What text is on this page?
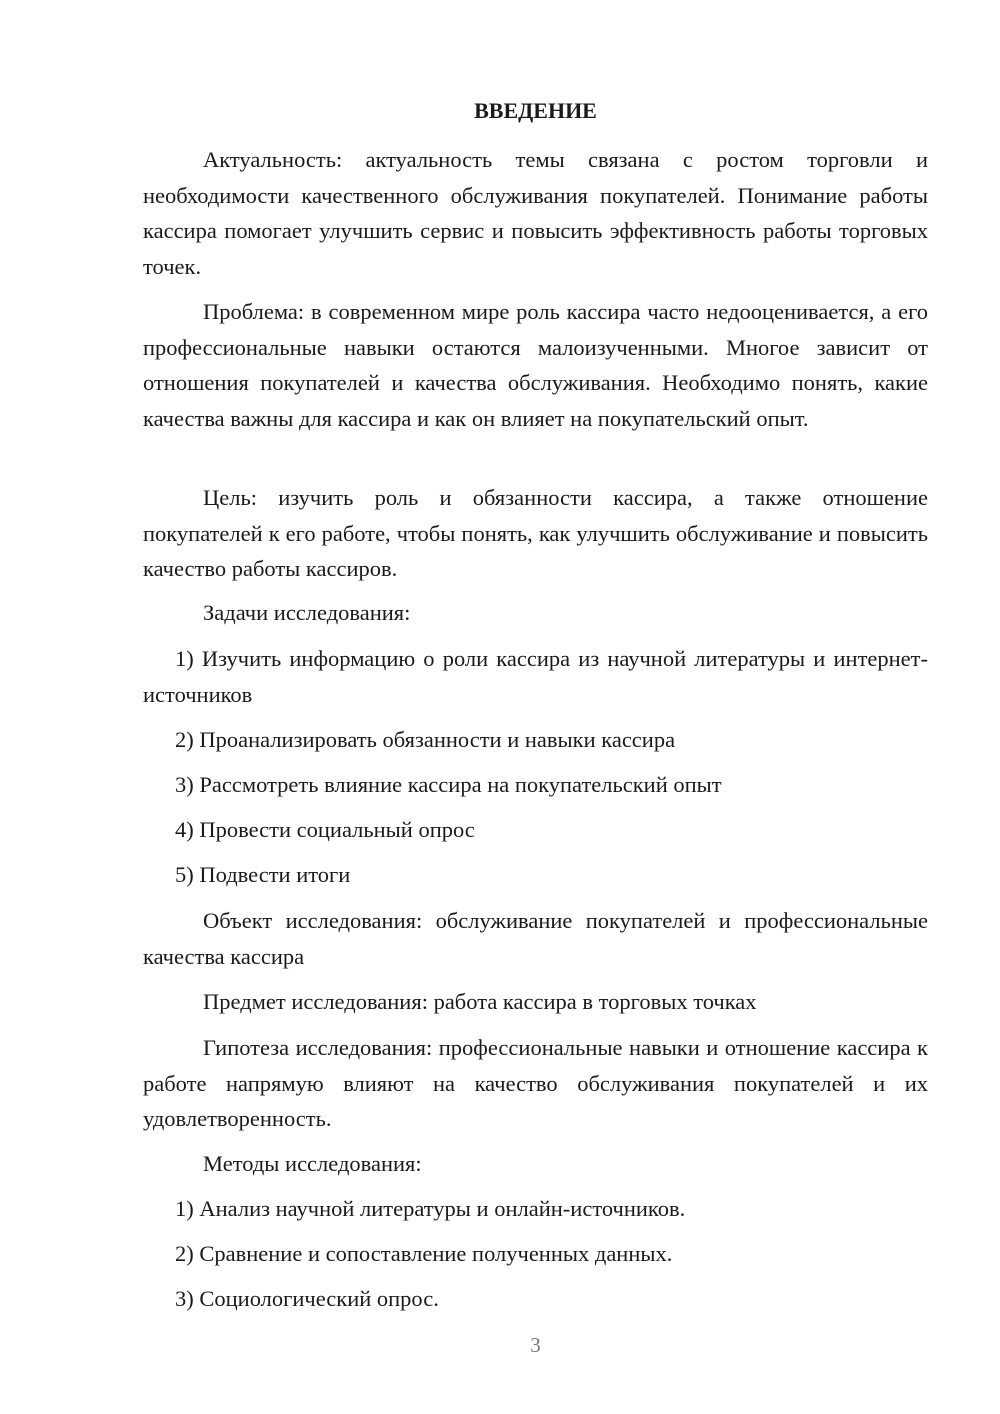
ВВЕДЕНИЕ

Актуальность: актуальность темы связана с ростом торговли и необходимости качественного обслуживания покупателей. Понимание работы кассира помогает улучшить сервис и повысить эффективность работы торговых точек.

Проблема: в современном мире роль кассира часто недооценивается, а его профессиональные навыки остаются малоизученными. Многое зависит от отношения покупателей и качества обслуживания. Необходимо понять, какие качества важны для кассира и как он влияет на покупательский опыт.

Цель: изучить роль и обязанности кассира, а также отношение покупателей к его работе, чтобы понять, как улучшить обслуживание и повысить качество работы кассиров.

Задачи исследования:

1) Изучить информацию о роли кассира из научной литературы и интернет-источников

2) Проанализировать обязанности и навыки кассира

3) Рассмотреть влияние кассира на покупательский опыт

4) Провести социальный опрос

5) Подвести итоги

Объект исследования: обслуживание покупателей и профессиональные качества кассира

Предмет исследования: работа кассира в торговых точках

Гипотеза исследования: профессиональные навыки и отношение кассира к работе напрямую влияют на качество обслуживания покупателей и их удовлетворенность.

Методы исследования:

1) Анализ научной литературы и онлайн-источников.

2) Сравнение и сопоставление полученных данных.

3) Социологический опрос.

3
